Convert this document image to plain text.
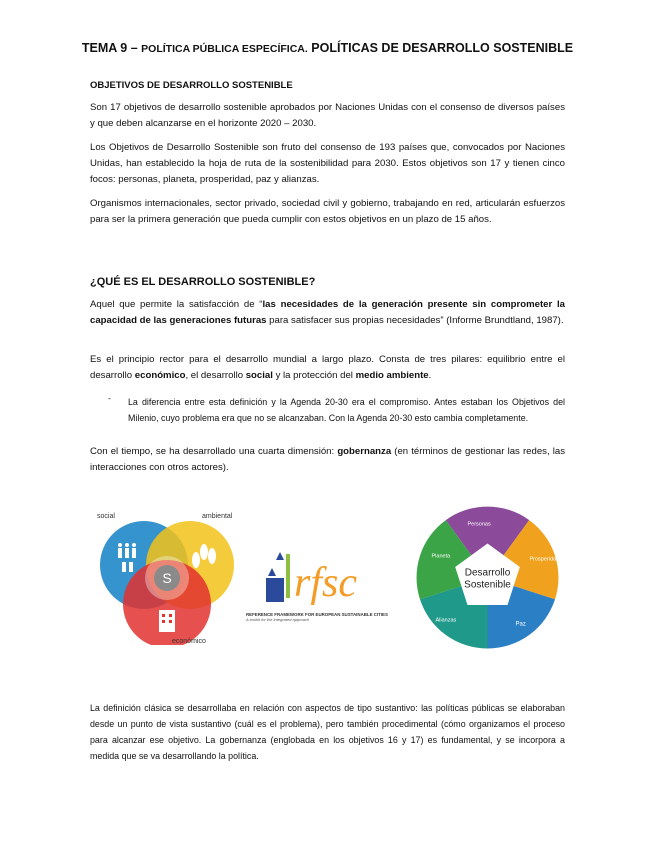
TEMA 9 – POLÍTICA PÚBLICA ESPECÍFICA. POLÍTICAS DE DESARROLLO SOSTENIBLE
OBJETIVOS DE DESARROLLO SOSTENIBLE

Son 17 objetivos de desarrollo sostenible aprobados por Naciones Unidas con el consenso de diversos países y que deben alcanzarse en el horizonte 2020 – 2030.

Los Objetivos de Desarrollo Sostenible son fruto del consenso de 193 países que, convocados por Naciones Unidas, han establecido la hoja de ruta de la sostenibilidad para 2030. Estos objetivos son 17 y tienen cinco focos: personas, planeta, prosperidad, paz y alianzas.

Organismos internacionales, sector privado, sociedad civil y gobierno, trabajando en red, articularán esfuerzos para ser la primera generación que pueda cumplir con estos objetivos en un plazo de 15 años.

¿QUÉ ES EL DESARROLLO SOSTENIBLE?

Aquel que permite la satisfacción de “las necesidades de la generación presente sin comprometer la capacidad de las generaciones futuras para satisfacer sus propias necesidades” (Informe Brundtland, 1987).

Es el principio rector para el desarrollo mundial a largo plazo. Consta de tres pilares: equilibrio entre el desarrollo económico, el desarrollo social y la protección del medio ambiente.

- La diferencia entre esta definición y la Agenda 20-30 era el compromiso. Antes estaban los Objetivos del Milenio, cuyo problema era que no se alcanzaban. Con la Agenda 20-30 esto cambia completamente.

Con el tiempo, se ha desarrollado una cuarta dimensión: gobernanza (en términos de gestionar las redes, las interacciones con otros actores).

S
social	ambiental
económico
rfsc
REFERENCE FRAMEWORK FOR EUROPEAN SUSTAINABLE CITIES
A toolkit for the integrated approach
Desarrollo
Sostenible
Personas
Prosperidad
Paz
Alianzas
Planeta

La definición clásica se desarrollaba en relación con aspectos de tipo sustantivo: las políticas públicas se elaboraban desde un punto de vista sustantivo (cuál es el problema), pero también procedimental (cómo organizamos el proceso para alcanzar ese objetivo. La gobernanza (englobada en los objetivos 16 y 17) es fundamental, y se incorpora a medida que se va desarrollando la política.
